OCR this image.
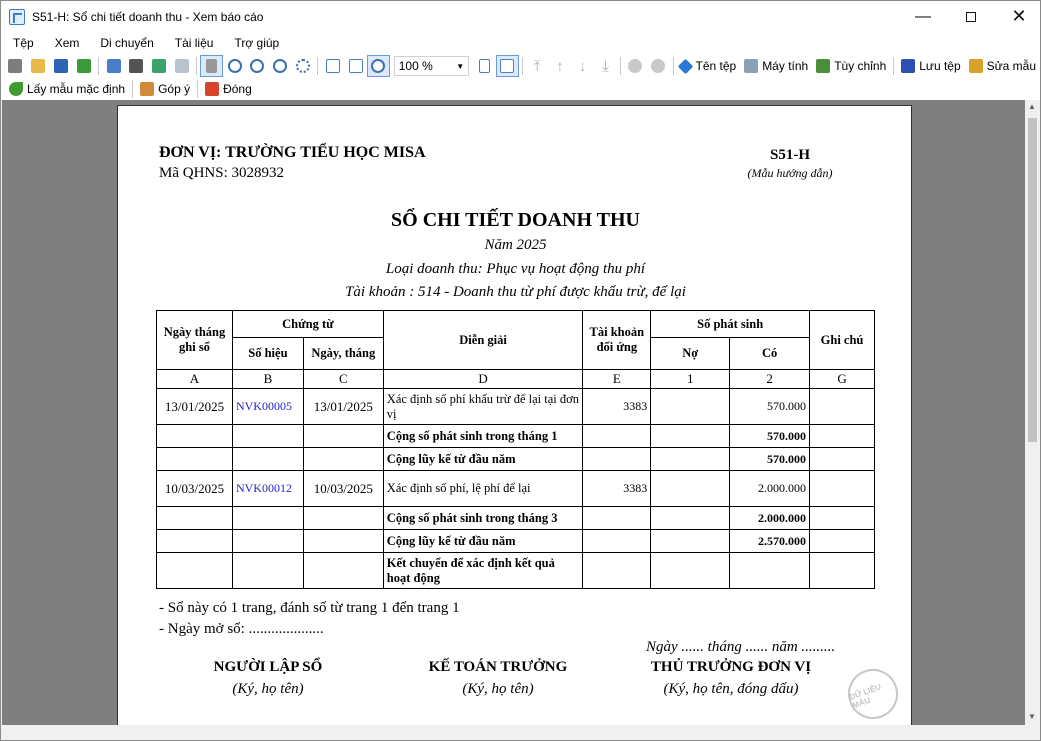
S51-H: Sổ chi tiết doanh thu - Xem báo cáo	—	✕
Tệp	Xem	Di chuyển	Tài liệu	Trợ giúp
100 %	▼	⤒ ↑ ↓ ⤓	Tên tệp Máy tính Tùy chỉnh	Lưu tệp Sửa mẫu
Lấy mẫu mặc định	Góp ý	Đóng
ĐƠN VỊ: TRƯỜNG TIỂU HỌC MISA
Mã QHNS: 3028932
S51-H
(Mẫu hướng dẫn)
SỔ CHI TIẾT DOANH THU
Năm 2025
Loại doanh thu: Phục vụ hoạt động thu phí
Tài khoản : 514 - Doanh thu từ phí được khấu trừ, để lại
Ngày tháng ghi sổ	Chứng từ		Diễn giải	Tài khoản đối ứng	Số phát sinh		Ghi chú
	Số hiệu	Ngày, tháng			Nợ	Có	
A	B	C	D	E	1	2	G
13/01/2025	NVK00005	13/01/2025	Xác định số phí khấu trừ để lại tại đơn vị	3383		570.000	
			Cộng số phát sinh trong tháng 1			570.000	
			Cộng lũy kế từ đầu năm			570.000	
10/03/2025	NVK00012	10/03/2025	Xác định số phí, lệ phí để lại	3383		2.000.000	
			Cộng số phát sinh trong tháng 3			2.000.000	
			Cộng lũy kế từ đầu năm			2.570.000	
			Kết chuyển để xác định kết quả hoạt động				
- Sổ này có 1 trang, đánh số từ trang 1 đến trang 1
- Ngày mở sổ: ....................
Ngày ...... tháng ...... năm .........
NGƯỜI LẬP SỔ
(Ký, họ tên)
KẾ TOÁN TRƯỞNG
(Ký, họ tên)
THỦ TRƯỞNG ĐƠN VỊ
(Ký, họ tên, đóng dấu)	DỮ LIỆU MẪU
▲
▼
